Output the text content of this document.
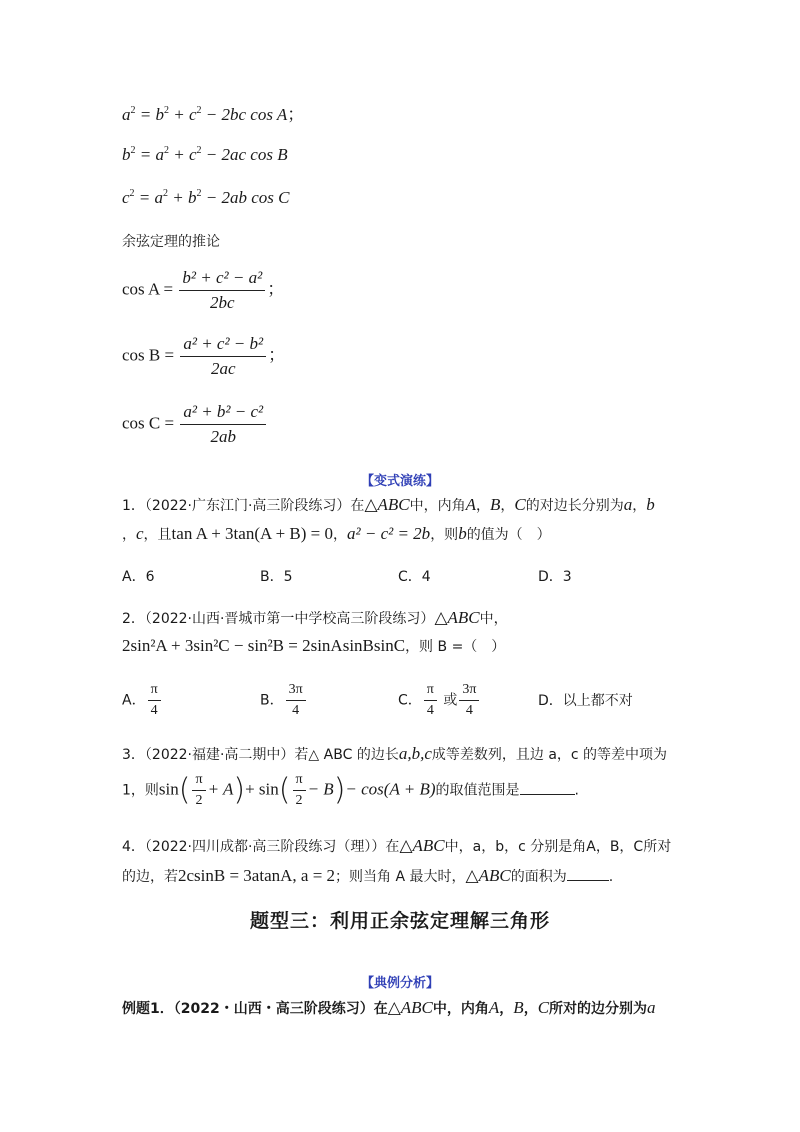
$a^2 = b^2 + c^2 - 2bc$ cos A；
$b^2 = a^2 + c^2 - 2ac$ cos B
$c^2 = a^2 + b^2 - 2ab$ cos C
余弦定理的推论
$\cos A = \frac{\text{b² + c² − a²}}{2bc}$ ；
$\cos B = \frac{\text{a² + c² − b²}}{2ac}$ ；
$\cos C = \frac{\text{a² + b² − c²}}{2ab}$
【变式演练】
1．（2022·广东江门·高三阶段练习）在△ABC中，内角A，B，C的对边长分别为a，b
，c，且tan A + 3tan(A + B) = 0，a² − c² = 2b，则b的值为（　）
A．6	B．5	C．4	D．3
2．（2022·山西·晋城市第一中学校高三阶段练习）△ABC中，
2sin²A + 3sin²C − sin²B = 2sinAsinBsinC，则 B =（　）
A． $\frac{\pi}{4}$	B． $\frac{3\pi}{4}$	C． $\frac{\pi}{4}$ 或 $\frac{3\pi}{4}$	D．以上都不对
3．（2022·福建·高二期中）若△ ABC 的边长a,b,c成等差数列，且边 a，c 的等差中项为
1，则$\sin( \frac{\pi}{2} + A)+ \sin( \frac{\pi}{2} - B)- \cos(A + B)$的取值范围是	.
4．（2022·四川成都·高三阶段练习（理））在△ABC中，a，b，c 分别是角A，B，C所对
的边，若2csinB = 3atanA, a = 2；则当角 A 最大时，△ABC的面积为	.
题型三：利用正余弦定理解三角形
【典例分析】
例题1．（2022・山西・高三阶段练习）在△ABC中，内角A，B，C所对的边分别为a
